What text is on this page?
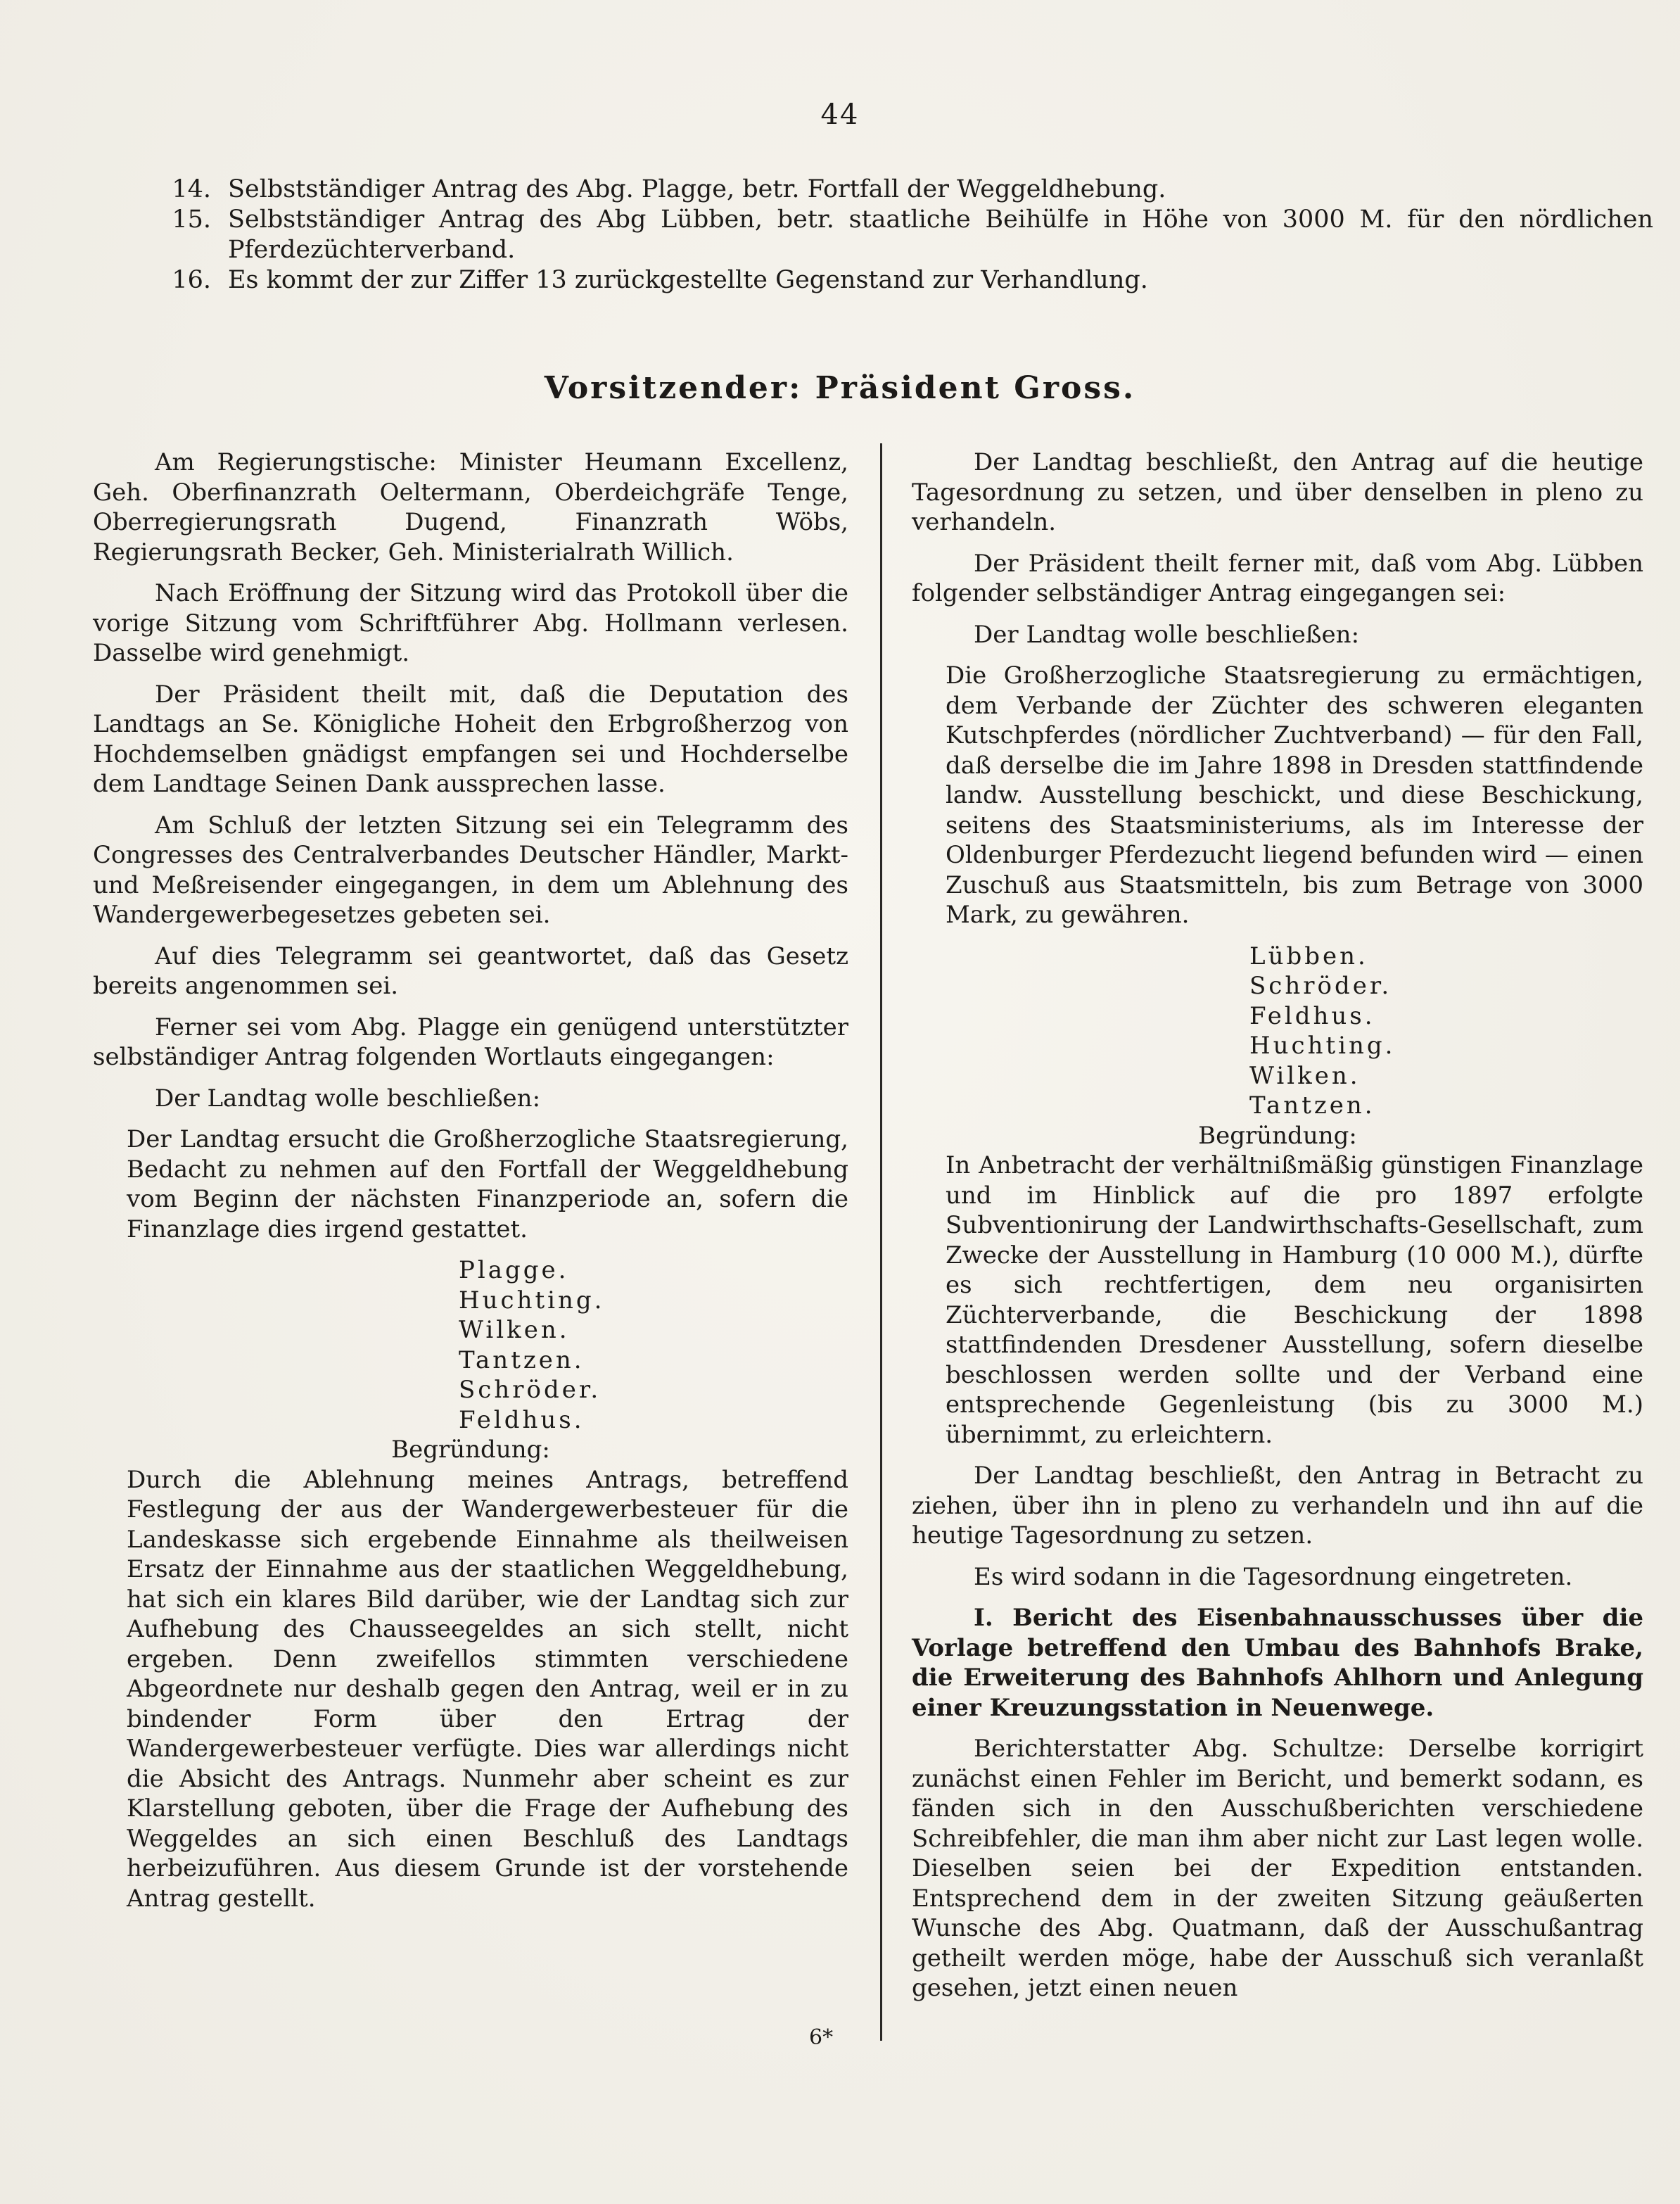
44
14. Selbstständiger Antrag des Abg. Plagge, betr. Fortfall der Weggeldhebung.
15. Selbstständiger Antrag des Abg Lübben, betr. staatliche Beihülfe in Höhe von 3000 M. für den nördlichen Pferdezüchterverband.
16. Es kommt der zur Ziffer 13 zurückgestellte Gegenstand zur Verhandlung.
Vorsitzender: Präsident Gross.

Am Regierungstische: Minister Heumann Excellenz, Geh. Oberfinanzrath Oeltermann, Oberdeichgräfe Tenge, Oberregierungsrath Dugend, Finanzrath Wöbs, Regierungsrath Becker, Geh. Ministerialrath Willich.

Nach Eröffnung der Sitzung wird das Protokoll über die vorige Sitzung vom Schriftführer Abg. Hollmann verlesen. Dasselbe wird genehmigt.

Der Präsident theilt mit, daß die Deputation des Landtags an Se. Königliche Hoheit den Erbgroßherzog von Hochdemselben gnädigst empfangen sei und Hochderselbe dem Landtage Seinen Dank aussprechen lasse.

Am Schluß der letzten Sitzung sei ein Telegramm des Congresses des Centralverbandes Deutscher Händler, Markt- und Meßreisender eingegangen, in dem um Ablehnung des Wandergewerbegesetzes gebeten sei.

Auf dies Telegramm sei geantwortet, daß das Gesetz bereits angenommen sei.

Ferner sei vom Abg. Plagge ein genügend unterstützter selbständiger Antrag folgenden Wortlauts eingegangen:

Der Landtag wolle beschließen:

Der Landtag ersucht die Großherzogliche Staatsregierung, Bedacht zu nehmen auf den Fortfall der Weggeldhebung vom Beginn der nächsten Finanzperiode an, sofern die Finanzlage dies irgend gestattet.

Plagge.
Huchting.
Wilken.
Tantzen.
Schröder.
Feldhus.

Begründung:

Durch die Ablehnung meines Antrags, betreffend Festlegung der aus der Wandergewerbesteuer für die Landeskasse sich ergebende Einnahme als theilweisen Ersatz der Einnahme aus der staatlichen Weggeldhebung, hat sich ein klares Bild darüber, wie der Landtag sich zur Aufhebung des Chausseegeldes an sich stellt, nicht ergeben. Denn zweifellos stimmten verschiedene Abgeordnete nur deshalb gegen den Antrag, weil er in zu bindender Form über den Ertrag der Wandergewerbesteuer verfügte. Dies war allerdings nicht die Absicht des Antrags. Nunmehr aber scheint es zur Klarstellung geboten, über die Frage der Aufhebung des Weggeldes an sich einen Beschluß des Landtags herbeizuführen. Aus diesem Grunde ist der vorstehende Antrag gestellt.

Der Landtag beschließt, den Antrag auf die heutige Tagesordnung zu setzen, und über denselben in pleno zu verhandeln.

Der Präsident theilt ferner mit, daß vom Abg. Lübben folgender selbständiger Antrag eingegangen sei:

Der Landtag wolle beschließen:

Die Großherzogliche Staatsregierung zu ermächtigen, dem Verbande der Züchter des schweren eleganten Kutschpferdes (nördlicher Zuchtverband) — für den Fall, daß derselbe die im Jahre 1898 in Dresden stattfindende landw. Ausstellung beschickt, und diese Beschickung, seitens des Staatsministeriums, als im Interesse der Oldenburger Pferdezucht liegend befunden wird — einen Zuschuß aus Staatsmitteln, bis zum Betrage von 3000 Mark, zu gewähren.

Lübben.
Schröder.
Feldhus.
Huchting.
Wilken.
Tantzen.

Begründung:

In Anbetracht der verhältnißmäßig günstigen Finanzlage und im Hinblick auf die pro 1897 erfolgte Subventionirung der Landwirthschafts-Gesellschaft, zum Zwecke der Ausstellung in Hamburg (10 000 M.), dürfte es sich rechtfertigen, dem neu organisirten Züchterverbande, die Beschickung der 1898 stattfindenden Dresdener Ausstellung, sofern dieselbe beschlossen werden sollte und der Verband eine entsprechende Gegenleistung (bis zu 3000 M.) übernimmt, zu erleichtern.

Der Landtag beschließt, den Antrag in Betracht zu ziehen, über ihn in pleno zu verhandeln und ihn auf die heutige Tagesordnung zu setzen.

Es wird sodann in die Tagesordnung eingetreten.

I. Bericht des Eisenbahnausschusses über die Vorlage betreffend den Umbau des Bahnhofs Brake, die Erweiterung des Bahnhofs Ahlhorn und Anlegung einer Kreuzungsstation in Neuenwege.

Berichterstatter Abg. Schultze: Derselbe korrigirt zunächst einen Fehler im Bericht, und bemerkt sodann, es fänden sich in den Ausschußberichten verschiedene Schreibfehler, die man ihm aber nicht zur Last legen wolle. Dieselben seien bei der Expedition entstanden. Entsprechend dem in der zweiten Sitzung geäußerten Wunsche des Abg. Quatmann, daß der Ausschußantrag getheilt werden möge, habe der Ausschuß sich veranlaßt gesehen, jetzt einen neuen

6*
